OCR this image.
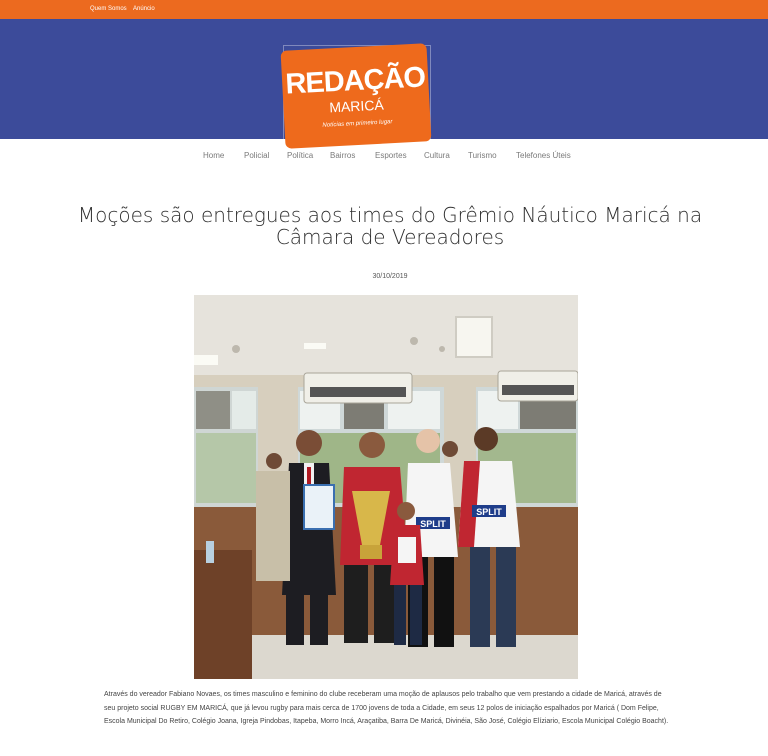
Quem Somos Anúncio
REDAÇÃO
MARICÁ
Notícias em primeiro lugar
Home Policial Política Bairros Esportes Cultura Turismo Telefones Úteis
Moções são entregues aos times do Grêmio Náutico Maricá na Câmara de Vereadores
30/10/2019
SPLIT
SPLIT

Através do vereador Fabiano Novaes, os times masculino e feminino do clube receberam uma moção de aplausos pelo trabalho que vem prestando a cidade de Maricá, através de seu projeto social RUGBY EM MARICÁ, que já levou rugby para mais cerca de 1700 jovens de toda a Cidade, em seus 12 polos de iniciação espalhados por Maricá ( Dom Felipe, Escola Municipal Do Retiro, Colégio Joana, Igreja Pindobas, Itapeba, Morro Incá, Araçatiba, Barra De Maricá, Divinéia, São José, Colégio Elíziario, Escola Municipal Colégio Boacht).
